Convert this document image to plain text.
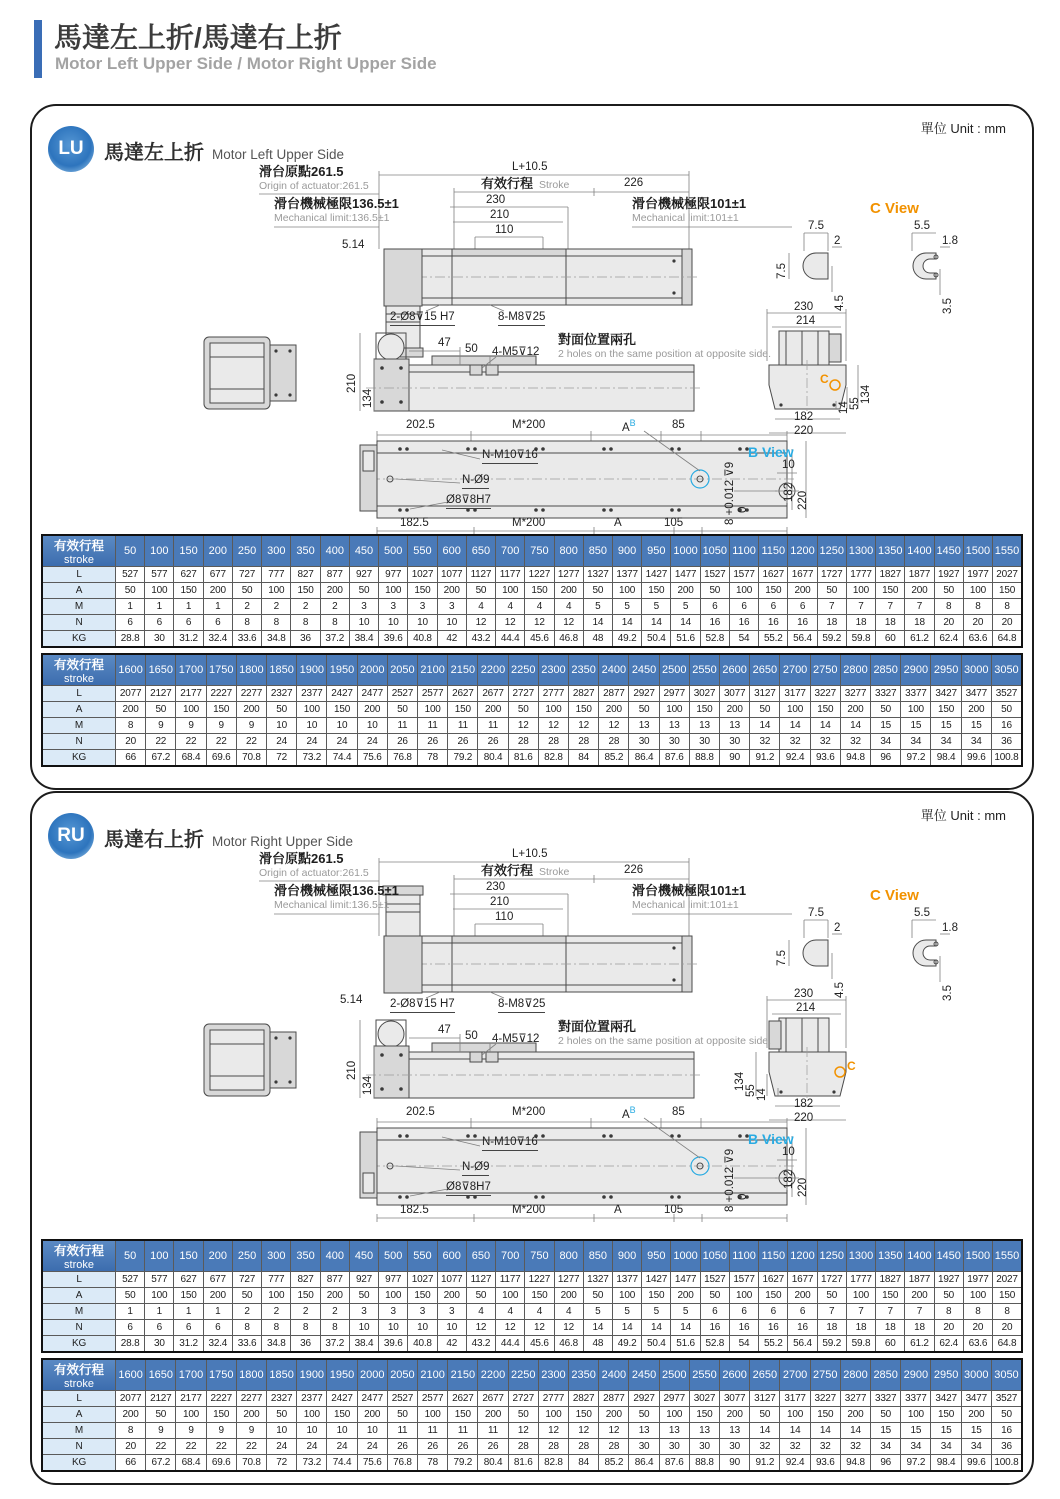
馬達左上折/馬達右上折
Motor Left Upper Side / Motor Right Upper Side
單位 Unit : mm
LU	馬達左上折 Motor Left Upper Side
滑台原點261.5
Origin of actuator:261.5
L+10.5
有效行程 Stroke	226
滑台機械極限136.5±1
Mechanical limit:136.5±1
230
210
110
滑台機械極限101±1
Mechanical limit:101±1
C View
7.5
2
7.5
4.5
5.5
1.8
3.5
5.14
2-Ø8⊽15 H7	8-M8⊽25
47 50 4-M5⊽12
對面位置兩孔
2 holes on the same position at opposite side.
210
134
230
214
134
55
14
182
220
C
202.5	M*200	$A^B$	85
N-M10⊽16
N-Ø9
Ø8⊽8H7	182 220
182.5	M*200	A	105
B View
10
8 +0.012 ⊽9 0
有效行程
stroke	50	100	150	200	250	300	350	400	450	500	550	600	650	700	750	800	850	900	950	1000	1050	1100	1150	1200	1250	1300	1350	1400	1450	1500	1550
L	527	577	627	677	727	777	827	877	927	977	1027	1077	1127	1177	1227	1277	1327	1377	1427	1477	1527	1577	1627	1677	1727	1777	1827	1877	1927	1977	2027
A	50	100	150	200	50	100	150	200	50	100	150	200	50	100	150	200	50	100	150	200	50	100	150	200	50	100	150	200	50	100	150
M	1	1	1	1	2	2	2	2	3	3	3	3	4	4	4	4	5	5	5	5	6	6	6	6	7	7	7	7	8	8	8
N	6	6	6	6	8	8	8	8	10	10	10	10	12	12	12	12	14	14	14	14	16	16	16	16	18	18	18	18	20	20	20
KG	28.8	30	31.2	32.4	33.6	34.8	36	37.2	38.4	39.6	40.8	42	43.2	44.4	45.6	46.8	48	49.2	50.4	51.6	52.8	54	55.2	56.4	59.2	59.8	60	61.2	62.4	63.6	64.8
有效行程
stroke	1600	1650	1700	1750	1800	1850	1900	1950	2000	2050	2100	2150	2200	2250	2300	2350	2400	2450	2500	2550	2600	2650	2700	2750	2800	2850	2900	2950	3000	3050
L	2077	2127	2177	2227	2277	2327	2377	2427	2477	2527	2577	2627	2677	2727	2777	2827	2877	2927	2977	3027	3077	3127	3177	3227	3277	3327	3377	3427	3477	3527
A	200	50	100	150	200	50	100	150	200	50	100	150	200	50	100	150	200	50	100	150	200	50	100	150	200	50	100	150	200	50
M	8	9	9	9	9	10	10	10	10	11	11	11	11	12	12	12	12	13	13	13	13	14	14	14	14	15	15	15	15	16
N	20	22	22	22	22	24	24	24	24	26	26	26	26	28	28	28	28	30	30	30	30	32	32	32	32	34	34	34	34	36
KG	66	67.2	68.4	69.6	70.8	72	73.2	74.4	75.6	76.8	78	79.2	80.4	81.6	82.8	84	85.2	86.4	87.6	88.8	90	91.2	92.4	93.6	94.8	96	97.2	98.4	99.6	100.8
單位 Unit : mm
RU 馬達右上折 Motor Right Upper Side
滑台原點261.5
Origin of actuator:261.5
L+10.5
有效行程 Stroke	226
滑台機械極限136.5±1
Mechanical limit:136.5±1
230
210
110
滑台機械極限101±1
Mechanical limit:101±1
C View
7.5
2
7.5
4.5
5.5
1.8
3.5
5.14 2-Ø8⊽15 H7	8-M8⊽25
47 50 4-M5⊽12
對面位置兩孔
2 holes on the same position at opposite side.
210
134
230
214
134 55 14
182
220
C
202.5	M*200	$A^B$	85
N-M10⊽16
N-Ø9
Ø8⊽8H7	182 220
182.5	M*200	A	105
B View
10
8 +0.012 ⊽9 0
有效行程
stroke	50	100	150	200	250	300	350	400	450	500	550	600	650	700	750	800	850	900	950	1000	1050	1100	1150	1200	1250	1300	1350	1400	1450	1500	1550
L	527	577	627	677	727	777	827	877	927	977	1027	1077	1127	1177	1227	1277	1327	1377	1427	1477	1527	1577	1627	1677	1727	1777	1827	1877	1927	1977	2027
A	50	100	150	200	50	100	150	200	50	100	150	200	50	100	150	200	50	100	150	200	50	100	150	200	50	100	150	200	50	100	150
M	1	1	1	1	2	2	2	2	3	3	3	3	4	4	4	4	5	5	5	5	6	6	6	6	7	7	7	7	8	8	8
N	6	6	6	6	8	8	8	8	10	10	10	10	12	12	12	12	14	14	14	14	16	16	16	16	18	18	18	18	20	20	20
KG	28.8	30	31.2	32.4	33.6	34.8	36	37.2	38.4	39.6	40.8	42	43.2	44.4	45.6	46.8	48	49.2	50.4	51.6	52.8	54	55.2	56.4	59.2	59.8	60	61.2	62.4	63.6	64.8
有效行程
stroke	1600	1650	1700	1750	1800	1850	1900	1950	2000	2050	2100	2150	2200	2250	2300	2350	2400	2450	2500	2550	2600	2650	2700	2750	2800	2850	2900	2950	3000	3050
L	2077	2127	2177	2227	2277	2327	2377	2427	2477	2527	2577	2627	2677	2727	2777	2827	2877	2927	2977	3027	3077	3127	3177	3227	3277	3327	3377	3427	3477	3527
A	200	50	100	150	200	50	100	150	200	50	100	150	200	50	100	150	200	50	100	150	200	50	100	150	200	50	100	150	200	50
M	8	9	9	9	9	10	10	10	10	11	11	11	11	12	12	12	12	13	13	13	13	14	14	14	14	15	15	15	15	16
N	20	22	22	22	22	24	24	24	24	26	26	26	26	28	28	28	28	30	30	30	30	32	32	32	32	34	34	34	34	36
KG	66	67.2	68.4	69.6	70.8	72	73.2	74.4	75.6	76.8	78	79.2	80.4	81.6	82.8	84	85.2	86.4	87.6	88.8	90	91.2	92.4	93.6	94.8	96	97.2	98.4	99.6	100.8
